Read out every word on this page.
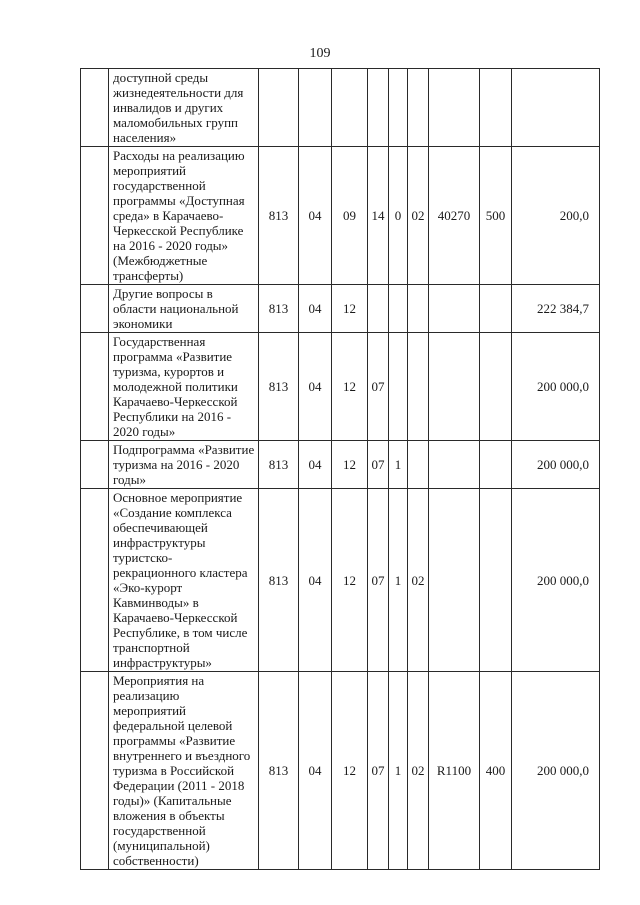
109
	доступной среды жизнедеятельности для инвалидов и других маломобильных групп населения»									
	Расходы на реализацию мероприятий государственной программы «Доступная среда» в Карачаево-Черкесской Республике на 2016 - 2020 годы» (Межбюджетные трансферты)	813	04	09	14	0	02	40270	500	200,0
	Другие вопросы в области национальной экономики	813	04	12						222 384,7
	Государственная программа «Развитие туризма, курортов и молодежной политики Карачаево-Черкесской Республики на 2016 - 2020 годы»	813	04	12	07					200 000,0
	Подпрограмма «Развитие туризма на 2016 - 2020 годы»	813	04	12	07	1				200 000,0
	Основное мероприятие «Создание комплекса обеспечивающей инфраструктуры туристско-рекрационного кластера «Эко-курорт Кавминводы» в Карачаево-Черкесской Республике, в том числе транспортной инфраструктуры»	813	04	12	07	1	02			200 000,0
	Мероприятия на реализацию мероприятий федеральной целевой программы «Развитие внутреннего и въездного туризма в Российской Федерации (2011 - 2018 годы)» (Капитальные вложения в объекты государственной (муниципальной) собственности)	813	04	12	07	1	02	R1100	400	200 000,0
